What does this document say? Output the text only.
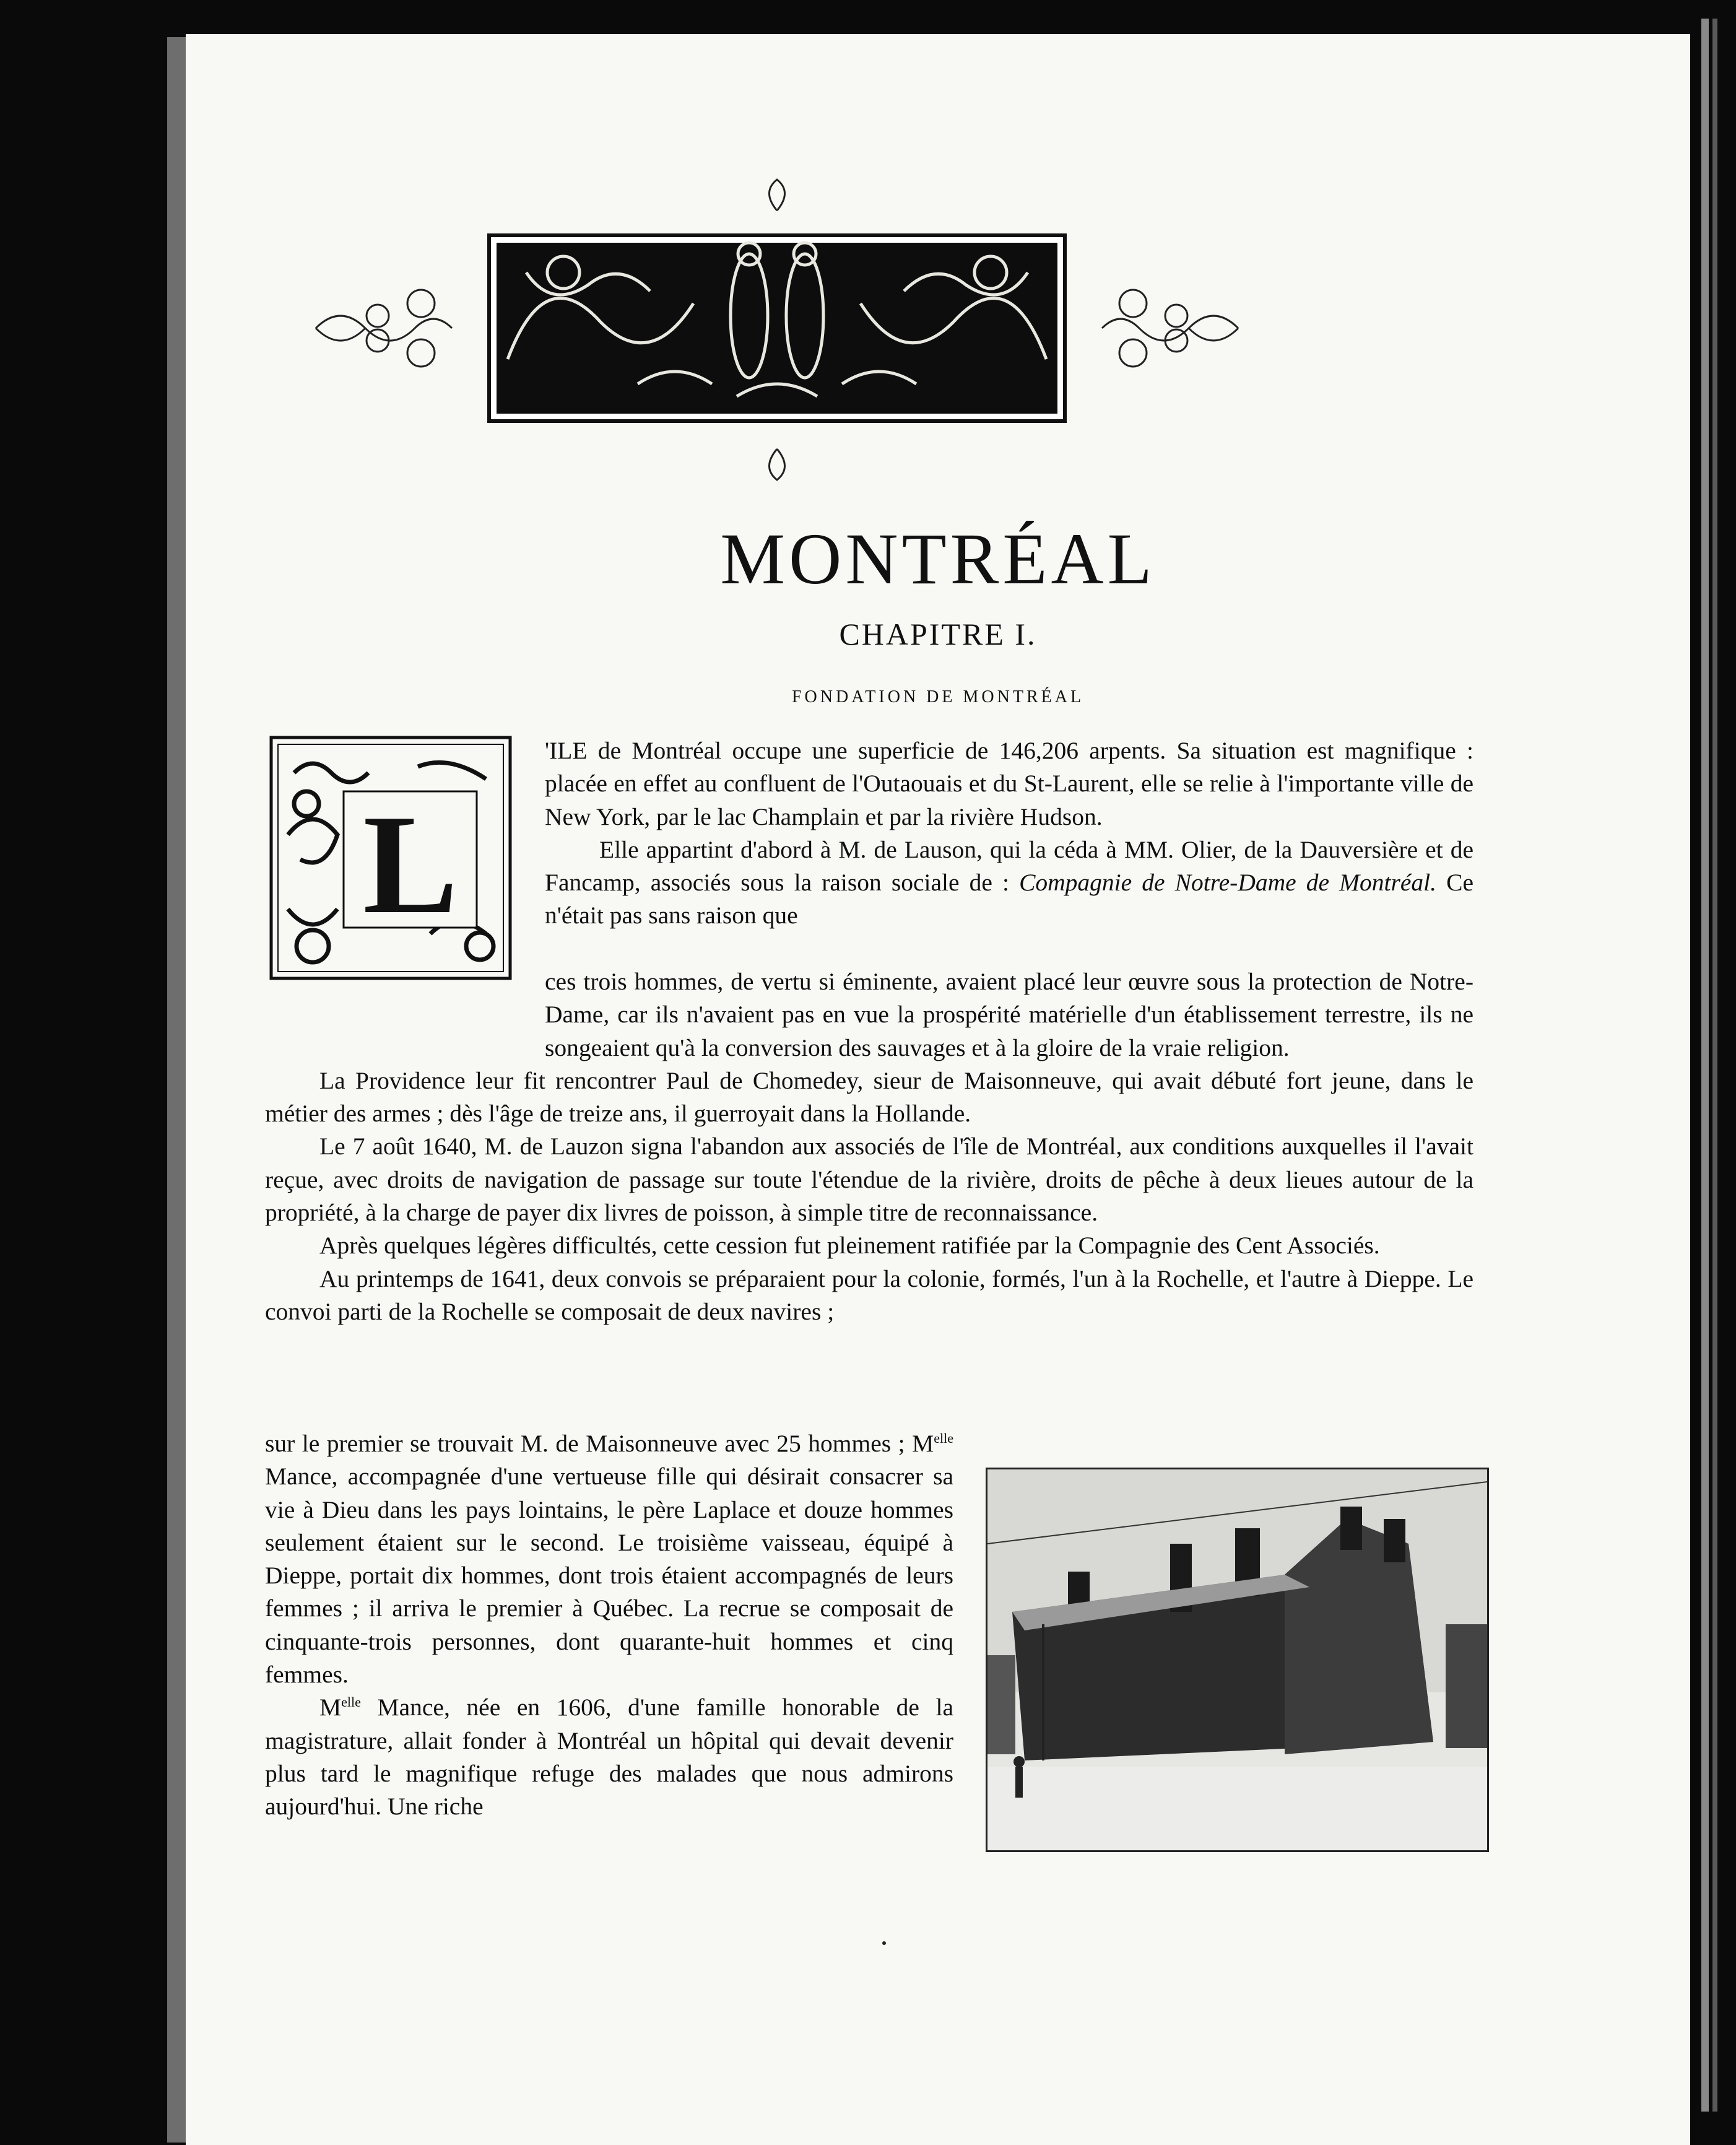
MONTRÉAL
CHAPITRE I.
FONDATION DE MONTRÉAL
L

'ILE de Montréal occupe une superficie de 146,206 arpents. Sa situation est magnifique : placée en effet au confluent de l'Outaouais et du St-Laurent, elle se relie à l'importante ville de New York, par le lac Champlain et par la rivière Hudson.

Elle appartint d'abord à M. de Lauson, qui la céda à MM. Olier, de la Dauversière et de Fancamp, associés sous la raison sociale de : Compagnie de Notre-Dame de Montréal. Ce n'était pas sans raison que

ces trois hommes, de vertu si éminente, avaient placé leur œuvre sous la protection de Notre-Dame, car ils n'avaient pas en vue la prospérité matérielle d'un établissement terrestre, ils ne songeaient qu'à la conversion des sauvages et à la gloire de la vraie religion.

La Providence leur fit rencontrer Paul de Chomedey, sieur de Maisonneuve, qui avait débuté fort jeune, dans le métier des armes ; dès l'âge de treize ans, il guerroyait dans la Hollande.

Le 7 août 1640, M. de Lauzon signa l'abandon aux associés de l'île de Montréal, aux conditions auxquelles il l'avait reçue, avec droits de navigation de passage sur toute l'étendue de la rivière, droits de pêche à deux lieues autour de la propriété, à la charge de payer dix livres de poisson, à simple titre de reconnaissance.

Après quelques légères difficultés, cette cession fut pleinement ratifiée par la Compagnie des Cent Associés.

Au printemps de 1641, deux convois se préparaient pour la colonie, formés, l'un à la Rochelle, et l'autre à Dieppe. Le convoi parti de la Rochelle se composait de deux navires ;

sur le premier se trouvait M. de Maisonneuve avec 25 hommes ; $M^{elle}$ Mance, accompagnée d'une vertueuse fille qui désirait consacrer sa vie à Dieu dans les pays lointains, le père Laplace et douze hommes seulement étaient sur le second. Le troisième vaisseau, équipé à Dieppe, portait dix hommes, dont trois étaient accompagnés de leurs femmes ; il arriva le premier à Québec. La recrue se composait de cinquante-trois personnes, dont quarante-huit hommes et cinq femmes.

$M^{elle}$ Mance, née en 1606, d'une famille honorable de la magistrature, allait fonder à Montréal un hôpital qui devait devenir plus tard le magnifique refuge des malades que nous admirons aujourd'hui. Une riche
